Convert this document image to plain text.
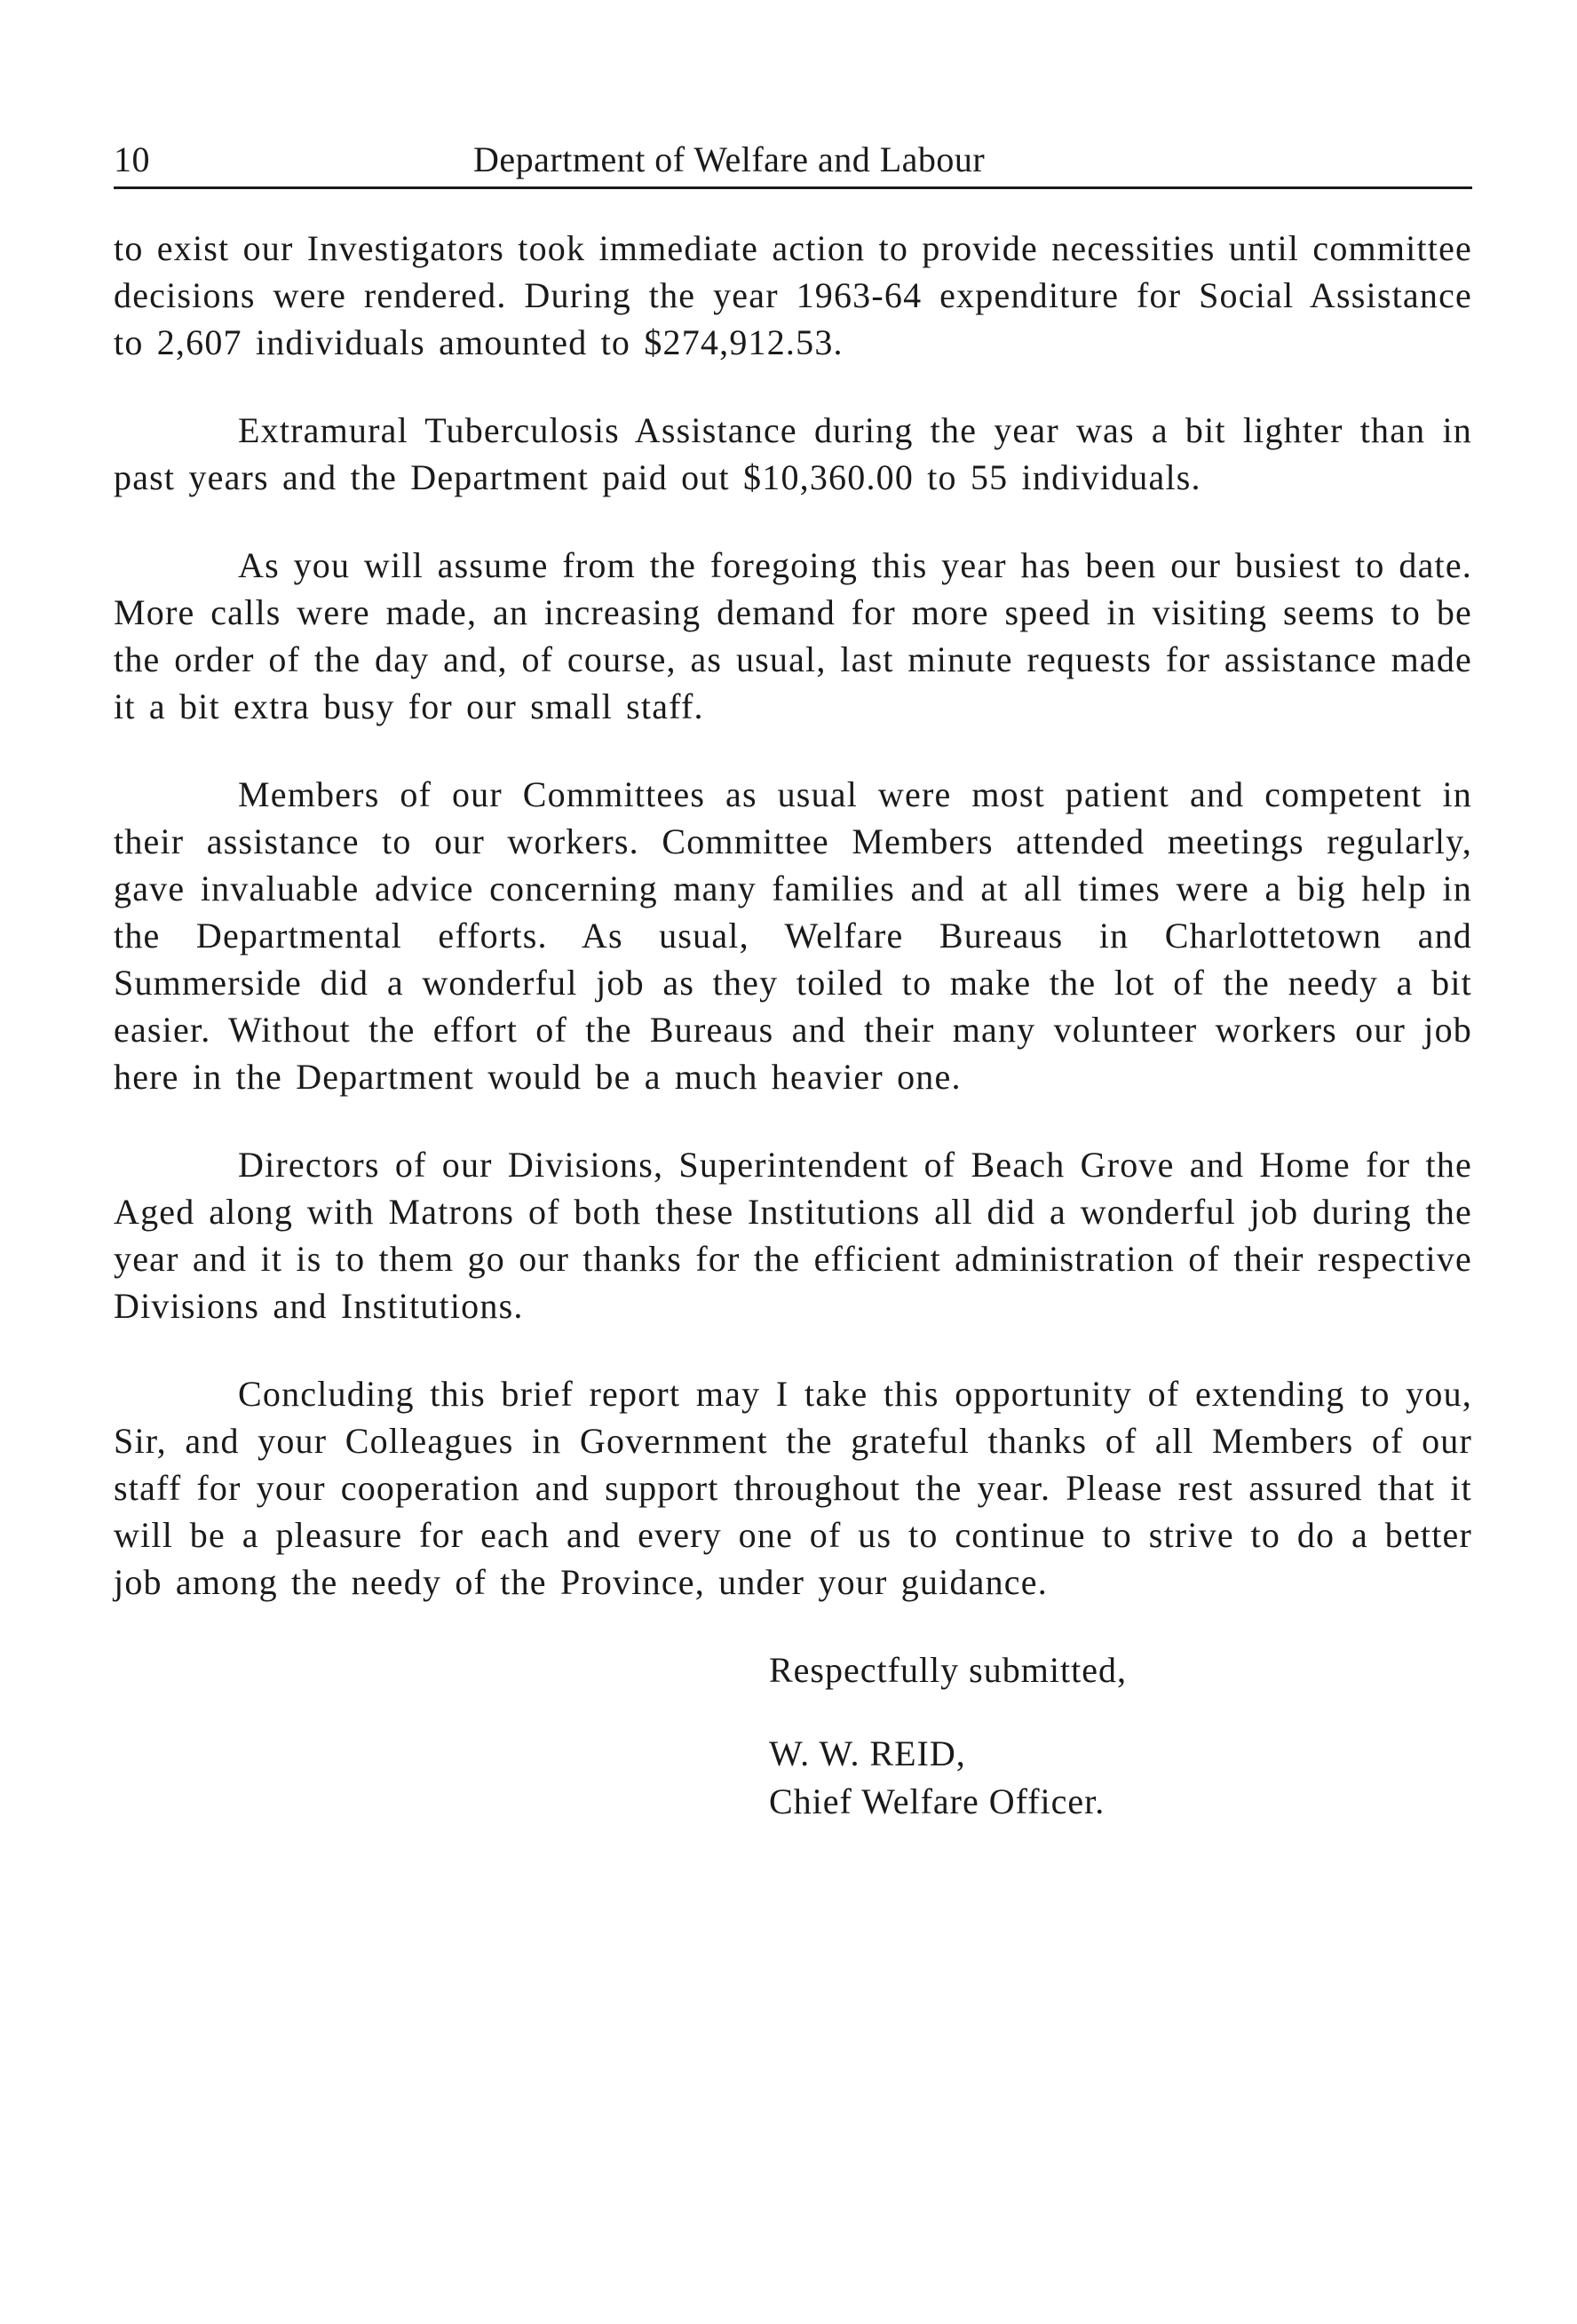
10	Department of Welfare and Labour

to exist our Investigators took immediate action to provide necessities until committee decisions were rendered. During the year 1963-64 expenditure for Social Assistance to 2,607 individuals amounted to $274,912.53.

Extramural Tuberculosis Assistance during the year was a bit lighter than in past years and the Department paid out $10,360.00 to 55 individuals.

As you will assume from the foregoing this year has been our busiest to date. More calls were made, an increasing demand for more speed in visiting seems to be the order of the day and, of course, as usual, last minute requests for assistance made it a bit extra busy for our small staff.

Members of our Committees as usual were most patient and competent in their assistance to our workers. Committee Members attended meetings regularly, gave invaluable advice concerning many families and at all times were a big help in the Departmental efforts. As usual, Welfare Bureaus in Charlottetown and Summerside did a wonderful job as they toiled to make the lot of the needy a bit easier. Without the effort of the Bureaus and their many volunteer workers our job here in the Department would be a much heavier one.

Directors of our Divisions, Superintendent of Beach Grove and Home for the Aged along with Matrons of both these Institutions all did a wonderful job during the year and it is to them go our thanks for the efficient administration of their respective Divisions and Institutions.

Concluding this brief report may I take this opportunity of extending to you, Sir, and your Colleagues in Government the grateful thanks of all Members of our staff for your cooperation and support throughout the year. Please rest assured that it will be a pleasure for each and every one of us to continue to strive to do a better job among the needy of the Province, under your guidance.

Respectfully submitted,
W. W. REID,
Chief Welfare Officer.
